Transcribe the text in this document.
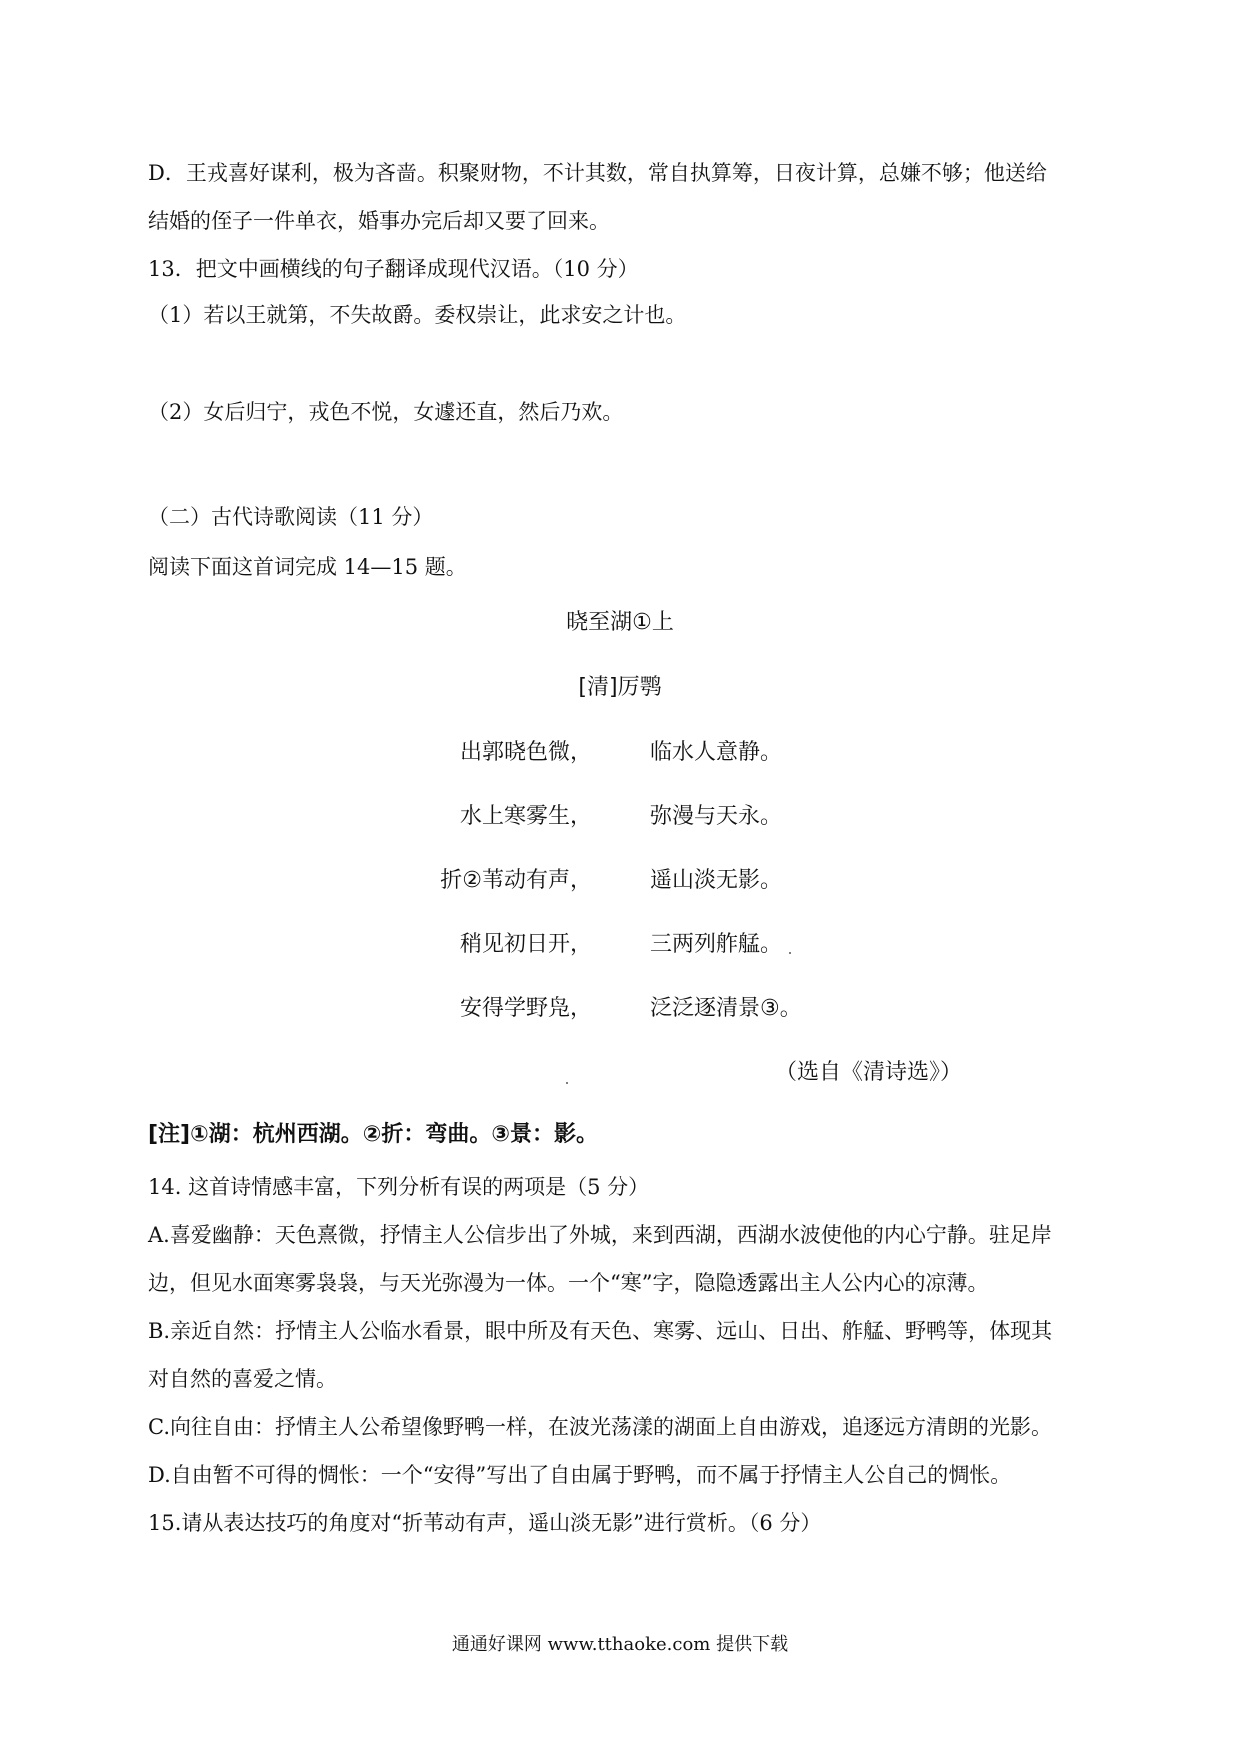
D．王戎喜好谋利，极为吝啬。积聚财物，不计其数，常自执算筹，日夜计算，总嫌不够；他送给
结婚的侄子一件单衣，婚事办完后却又要了回来。
13．把文中画横线的句子翻译成现代汉语。（10 分）
（1）若以王就第，不失故爵。委权崇让，此求安之计也。
（2）女后归宁，戎色不悦，女遽还直，然后乃欢。
（二）古代诗歌阅读（11 分）
阅读下面这首词完成 14—15 题。
晓至湖①上
[清]厉鹗
出郭晓色微，	临水人意静。
水上寒雾生，	弥漫与天永。
折②苇动有声，	遥山淡无影。
稍见初日开，	三两列舴艋。
安得学野凫，	泛泛逐清景③。
（选自《清诗选》）
[注]①湖：杭州西湖。②折：弯曲。③景：影。
14. 这首诗情感丰富，下列分析有误的两项是（5 分）
A.喜爱幽静：天色熹微，抒情主人公信步出了外城，来到西湖，西湖水波使他的内心宁静。驻足岸
边，但见水面寒雾袅袅，与天光弥漫为一体。一个“寒”字，隐隐透露出主人公内心的凉薄。
B.亲近自然：抒情主人公临水看景，眼中所及有天色、寒雾、远山、日出、舴艋、野鸭等，体现其
对自然的喜爱之情。
C.向往自由：抒情主人公希望像野鸭一样，在波光荡漾的湖面上自由游戏，追逐远方清朗的光影。
D.自由暂不可得的惆怅：一个“安得”写出了自由属于野鸭，而不属于抒情主人公自己的惆怅。
15.请从表达技巧的角度对“折苇动有声，遥山淡无影”进行赏析。（6 分）
通通好课网 www.tthaoke.com 提供下载
